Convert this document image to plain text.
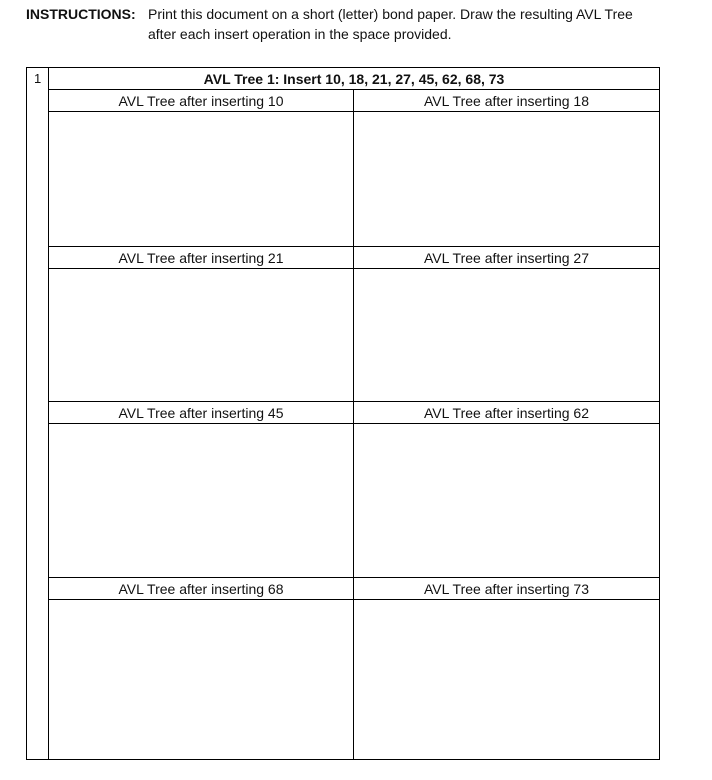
INSTRUCTIONS: Print this document on a short (letter) bond paper. Draw the resulting AVL Tree
after each insert operation in the space provided.
1	AVL Tree 1: Insert 10, 18, 21, 27, 45, 62, 68, 73
AVL Tree after inserting 10	AVL Tree after inserting 18
AVL Tree after inserting 21	AVL Tree after inserting 27
AVL Tree after inserting 45	AVL Tree after inserting 62
AVL Tree after inserting 68	AVL Tree after inserting 73
